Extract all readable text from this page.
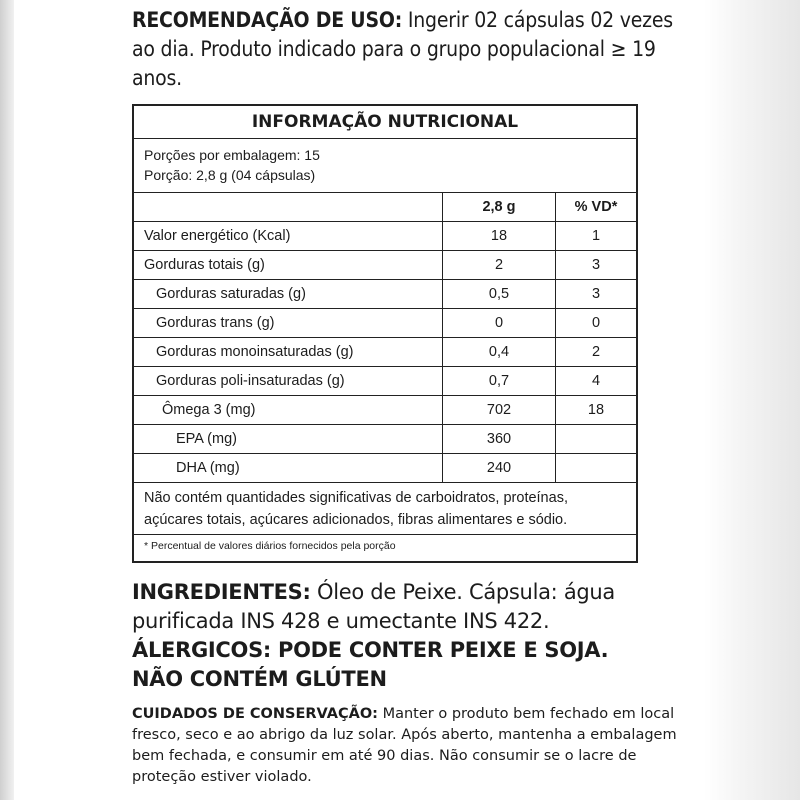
RECOMENDAÇÃO DE USO: Ingerir 02 cápsulas 02 vezes ao dia. Produto indicado para o grupo populacional ≥ 19 anos.
INFORMAÇÃO NUTRICIONAL
Porções por embalagem: 15
Porção: 2,8 g (04 cápsulas)
	2,8 g	% VD*
Valor energético (Kcal)	18	1
Gorduras totais (g)	2	3
Gorduras saturadas (g)	0,5	3
Gorduras trans (g)	0	0
Gorduras monoinsaturadas (g)	0,4	2
Gorduras poli-insaturadas (g)	0,7	4
Ômega 3 (mg)	702	18
EPA (mg)	360	
DHA (mg)	240	
Não contém quantidades significativas de carboidratos, proteínas, açúcares totais, açúcares adicionados, fibras alimentares e sódio.
* Percentual de valores diários fornecidos pela porção
INGREDIENTES: Óleo de Peixe. Cápsula: água purificada INS 428 e umectante INS 422.
ÁLERGICOS: PODE CONTER PEIXE E SOJA.
NÃO CONTÉM GLÚTEN
CUIDADOS DE CONSERVAÇÃO: Manter o produto bem fechado em local fresco, seco e ao abrigo da luz solar. Após aberto, mantenha a embalagem bem fechada, e consumir em até 90 dias. Não consumir se o lacre de proteção estiver violado.
